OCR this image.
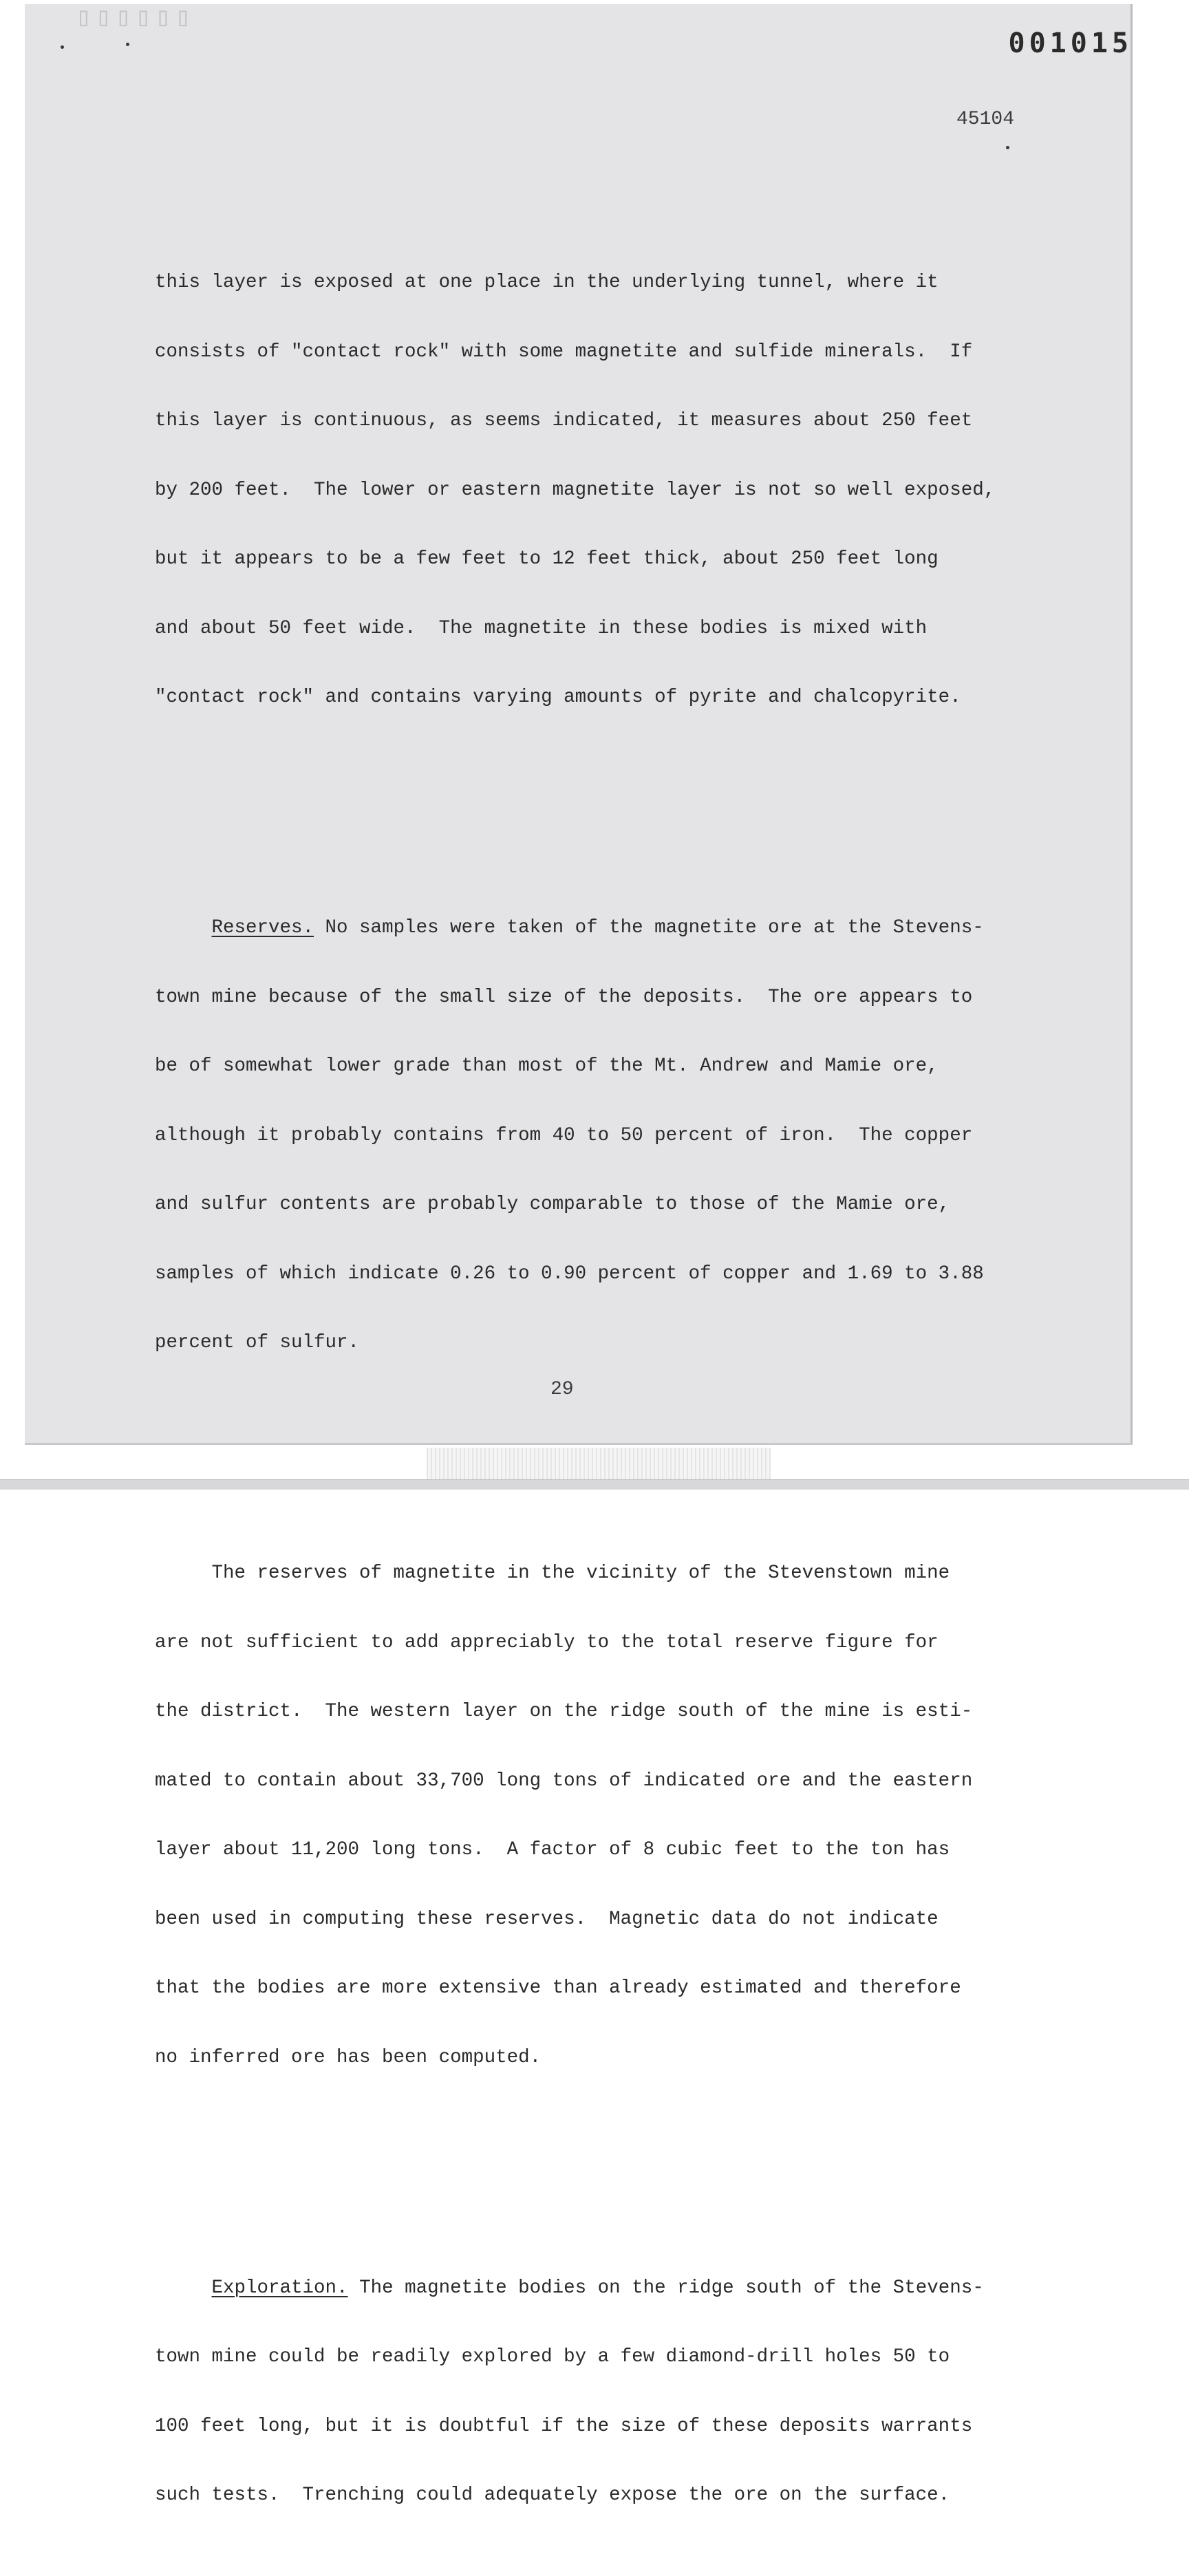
▯▯▯▯▯▯
001015
45104

this layer is exposed at one place in the underlying tunnel, where it

consists of "contact rock" with some magnetite and sulfide minerals.  If

this layer is continuous, as seems indicated, it measures about 250 feet

by 200 feet.  The lower or eastern magnetite layer is not so well exposed,

but it appears to be a few feet to 12 feet thick, about 250 feet long

and about 50 feet wide.  The magnetite in these bodies is mixed with

"contact rock" and contains varying amounts of pyrite and chalcopyrite.

Reserves. No samples were taken of the magnetite ore at the Stevens-

town mine because of the small size of the deposits.  The ore appears to

be of somewhat lower grade than most of the Mt. Andrew and Mamie ore,

although it probably contains from 40 to 50 percent of iron.  The copper

and sulfur contents are probably comparable to those of the Mamie ore,

samples of which indicate 0.26 to 0.90 percent of copper and 1.69 to 3.88

percent of sulfur.

The reserves of magnetite in the vicinity of the Stevenstown mine

are not sufficient to add appreciably to the total reserve figure for

the district.  The western layer on the ridge south of the mine is esti-

mated to contain about 33,700 long tons of indicated ore and the eastern

layer about 11,200 long tons.  A factor of 8 cubic feet to the ton has

been used in computing these reserves.  Magnetic data do not indicate

that the bodies are more extensive than already estimated and therefore

no inferred ore has been computed.

Exploration. The magnetite bodies on the ridge south of the Stevens-

town mine could be readily explored by a few diamond-drill holes 50 to

100 feet long, but it is doubtful if the size of these deposits warrants

such tests.  Trenching could adequately expose the ore on the surface.

29
